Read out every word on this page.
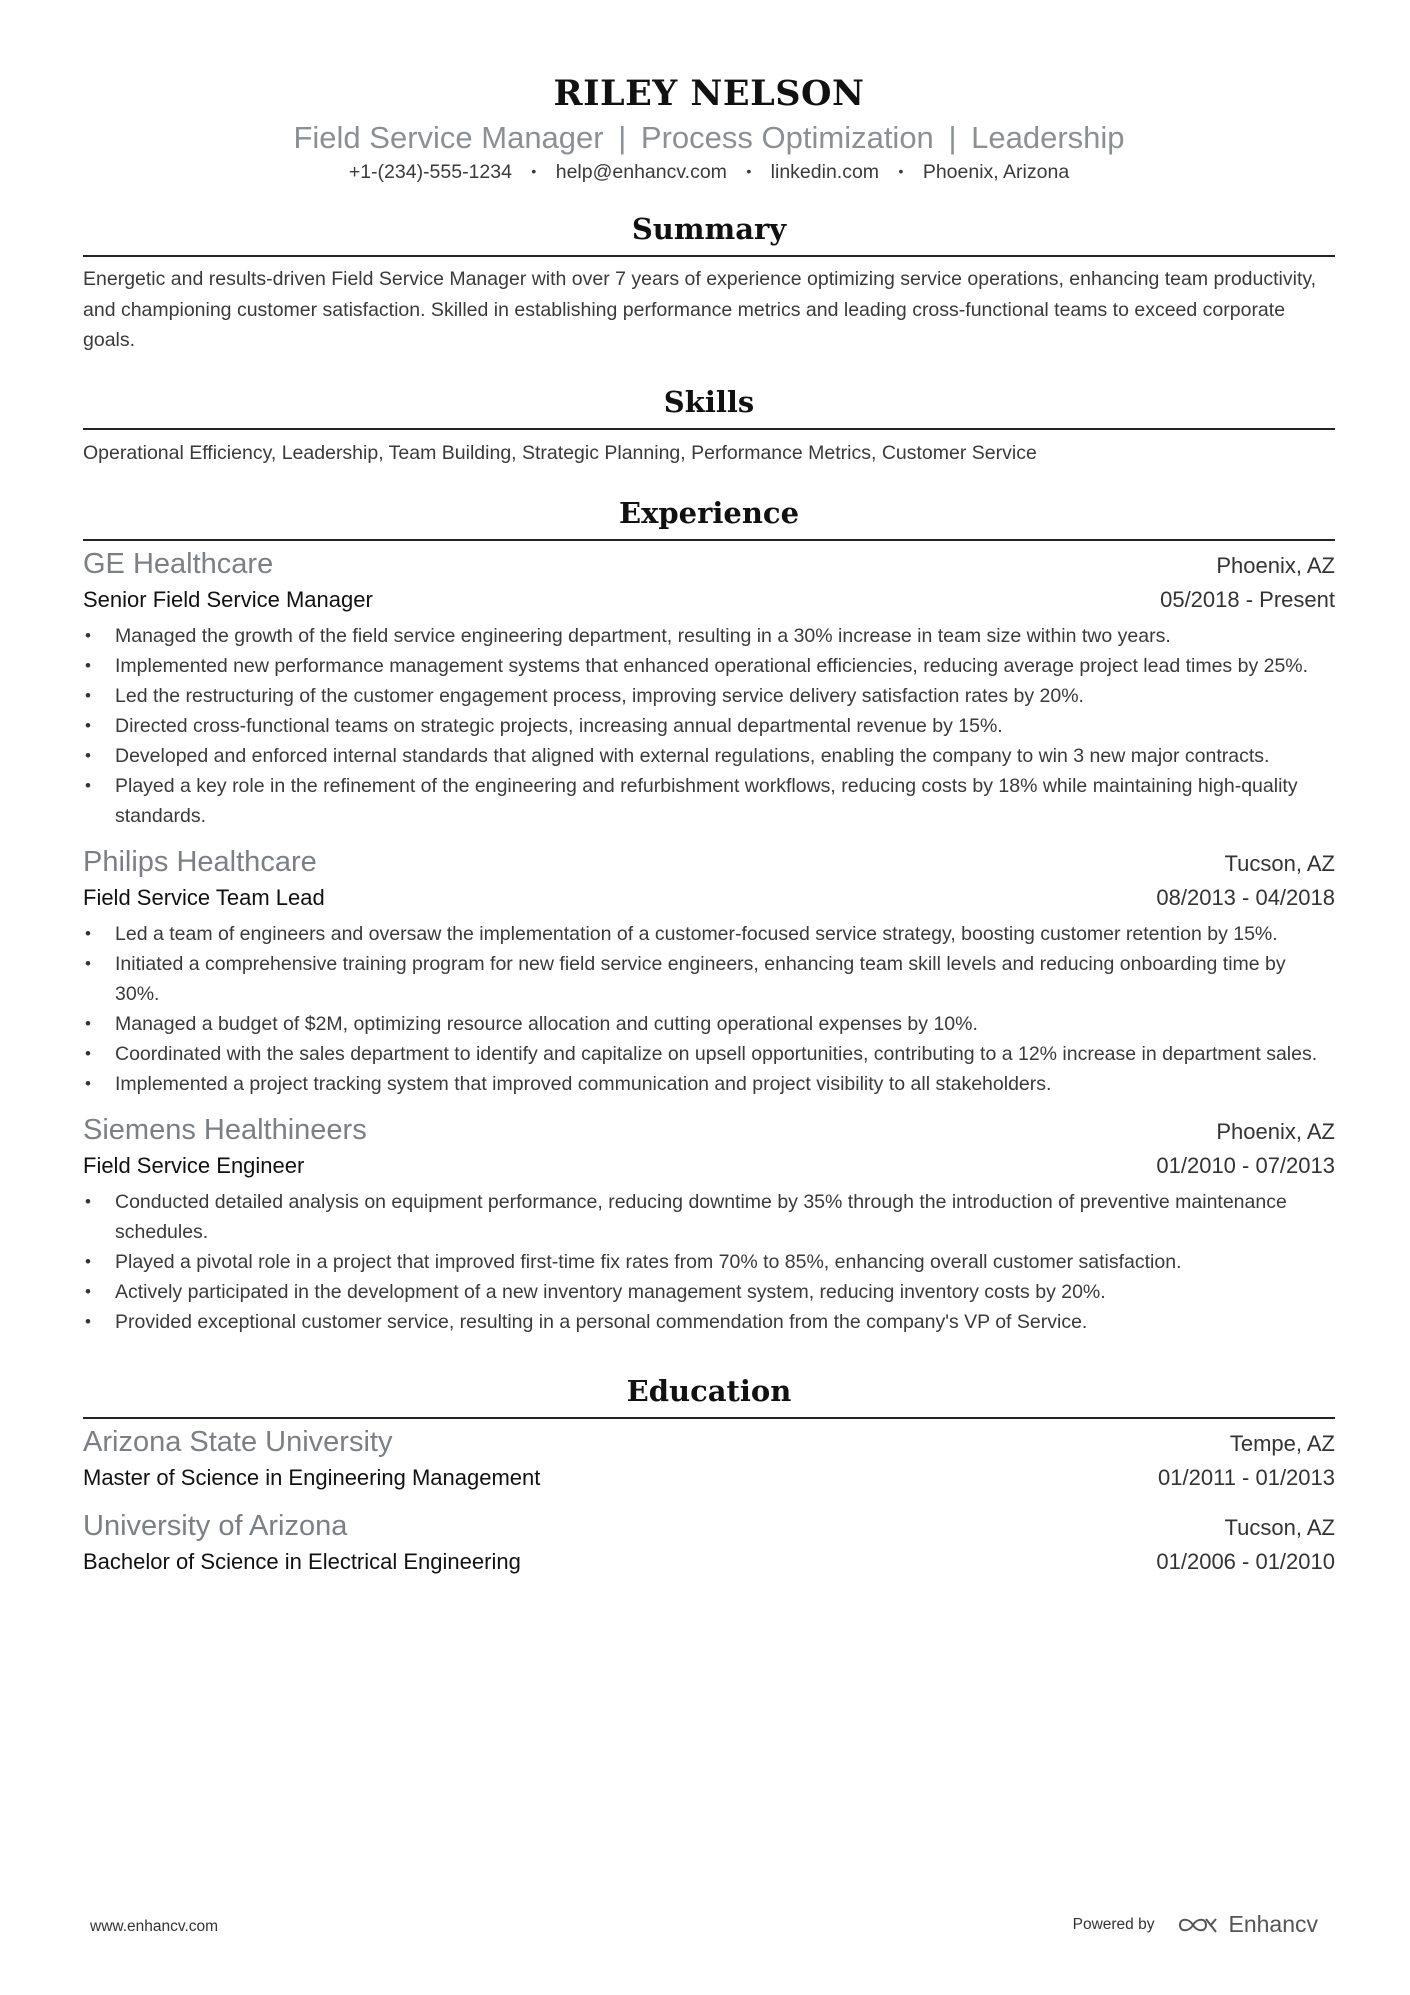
RILEY NELSON
Field Service Manager | Process Optimization | Leadership
+1-(234)-555-1234 • help@enhancv.com • linkedin.com • Phoenix, Arizona
Summary
Energetic and results-driven Field Service Manager with over 7 years of experience optimizing service operations, enhancing team productivity, and championing customer satisfaction. Skilled in establishing performance metrics and leading cross-functional teams to exceed corporate goals.
Skills
Operational Efficiency, Leadership, Team Building, Strategic Planning, Performance Metrics, Customer Service
Experience
GE Healthcare	Phoenix, AZ
Senior Field Service Manager	05/2018 - Present
• Managed the growth of the field service engineering department, resulting in a 30% increase in team size within two years.
• Implemented new performance management systems that enhanced operational efficiencies, reducing average project lead times by 25%.
• Led the restructuring of the customer engagement process, improving service delivery satisfaction rates by 20%.
• Directed cross-functional teams on strategic projects, increasing annual departmental revenue by 15%.
• Developed and enforced internal standards that aligned with external regulations, enabling the company to win 3 new major contracts.
• Played a key role in the refinement of the engineering and refurbishment workflows, reducing costs by 18% while maintaining high-quality standards.
Philips Healthcare	Tucson, AZ
Field Service Team Lead	08/2013 - 04/2018
• Led a team of engineers and oversaw the implementation of a customer-focused service strategy, boosting customer retention by 15%.
• Initiated a comprehensive training program for new field service engineers, enhancing team skill levels and reducing onboarding time by 30%.
• Managed a budget of $2M, optimizing resource allocation and cutting operational expenses by 10%.
• Coordinated with the sales department to identify and capitalize on upsell opportunities, contributing to a 12% increase in department sales.
• Implemented a project tracking system that improved communication and project visibility to all stakeholders.
Siemens Healthineers	Phoenix, AZ
Field Service Engineer	01/2010 - 07/2013
• Conducted detailed analysis on equipment performance, reducing downtime by 35% through the introduction of preventive maintenance schedules.
• Played a pivotal role in a project that improved first-time fix rates from 70% to 85%, enhancing overall customer satisfaction.
• Actively participated in the development of a new inventory management system, reducing inventory costs by 20%.
• Provided exceptional customer service, resulting in a personal commendation from the company's VP of Service.
Education
Arizona State University	Tempe, AZ
Master of Science in Engineering Management	01/2011 - 01/2013
University of Arizona	Tucson, AZ
Bachelor of Science in Electrical Engineering	01/2006 - 01/2010
www.enhancv.com	Powered by	Enhancv
